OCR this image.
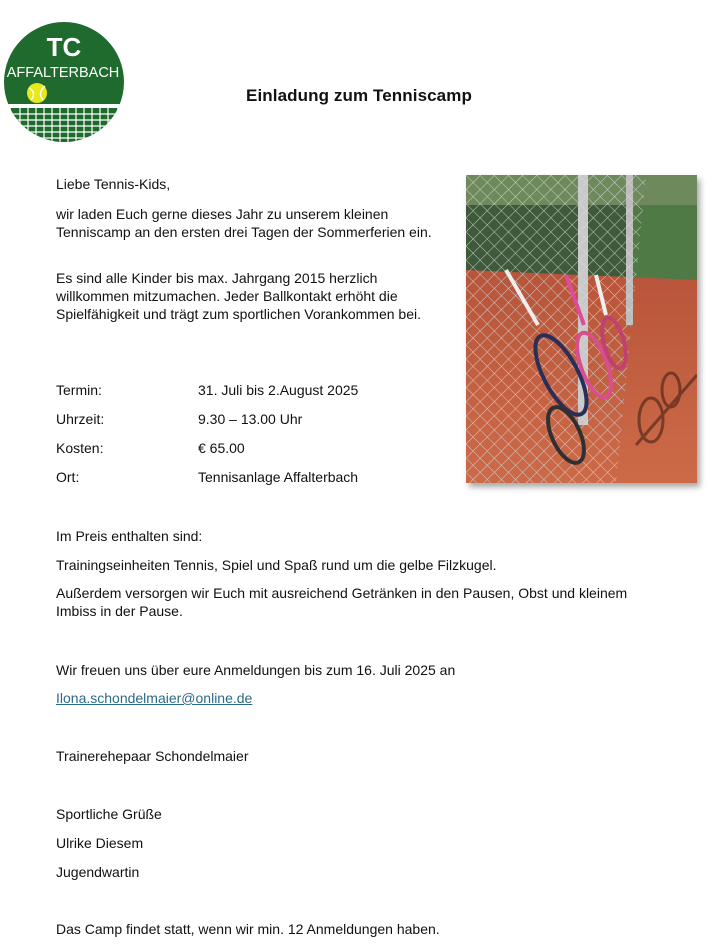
TC
AFFALTERBACH
Einladung zum Tenniscamp

Liebe Tennis-Kids,

wir laden Euch gerne dieses Jahr zu unserem kleinen Tenniscamp an den ersten drei Tagen der Sommerferien ein.

Es sind alle Kinder bis max. Jahrgang 2015 herzlich willkommen mitzumachen. Jeder Ballkontakt erhöht die Spielfähigkeit und trägt zum sportlichen Vorankommen bei.

Termin:	31. Juli bis 2.August 2025
Uhrzeit:	9.30 – 13.00 Uhr
Kosten:	€ 65.00
Ort:	Tennisanlage Affalterbach

Im Preis enthalten sind:

Trainingseinheiten Tennis, Spiel und Spaß rund um die gelbe Filzkugel.

Außerdem versorgen wir Euch mit ausreichend Getränken in den Pausen, Obst und kleinem Imbiss in der Pause.

Wir freuen uns über eure Anmeldungen bis zum 16. Juli 2025 an

Ilona.schondelmaier@online.de

Trainerehepaar Schondelmaier

Sportliche Grüße

Ulrike Diesem

Jugendwartin

Das Camp findet statt, wenn wir min. 12 Anmeldungen haben.
